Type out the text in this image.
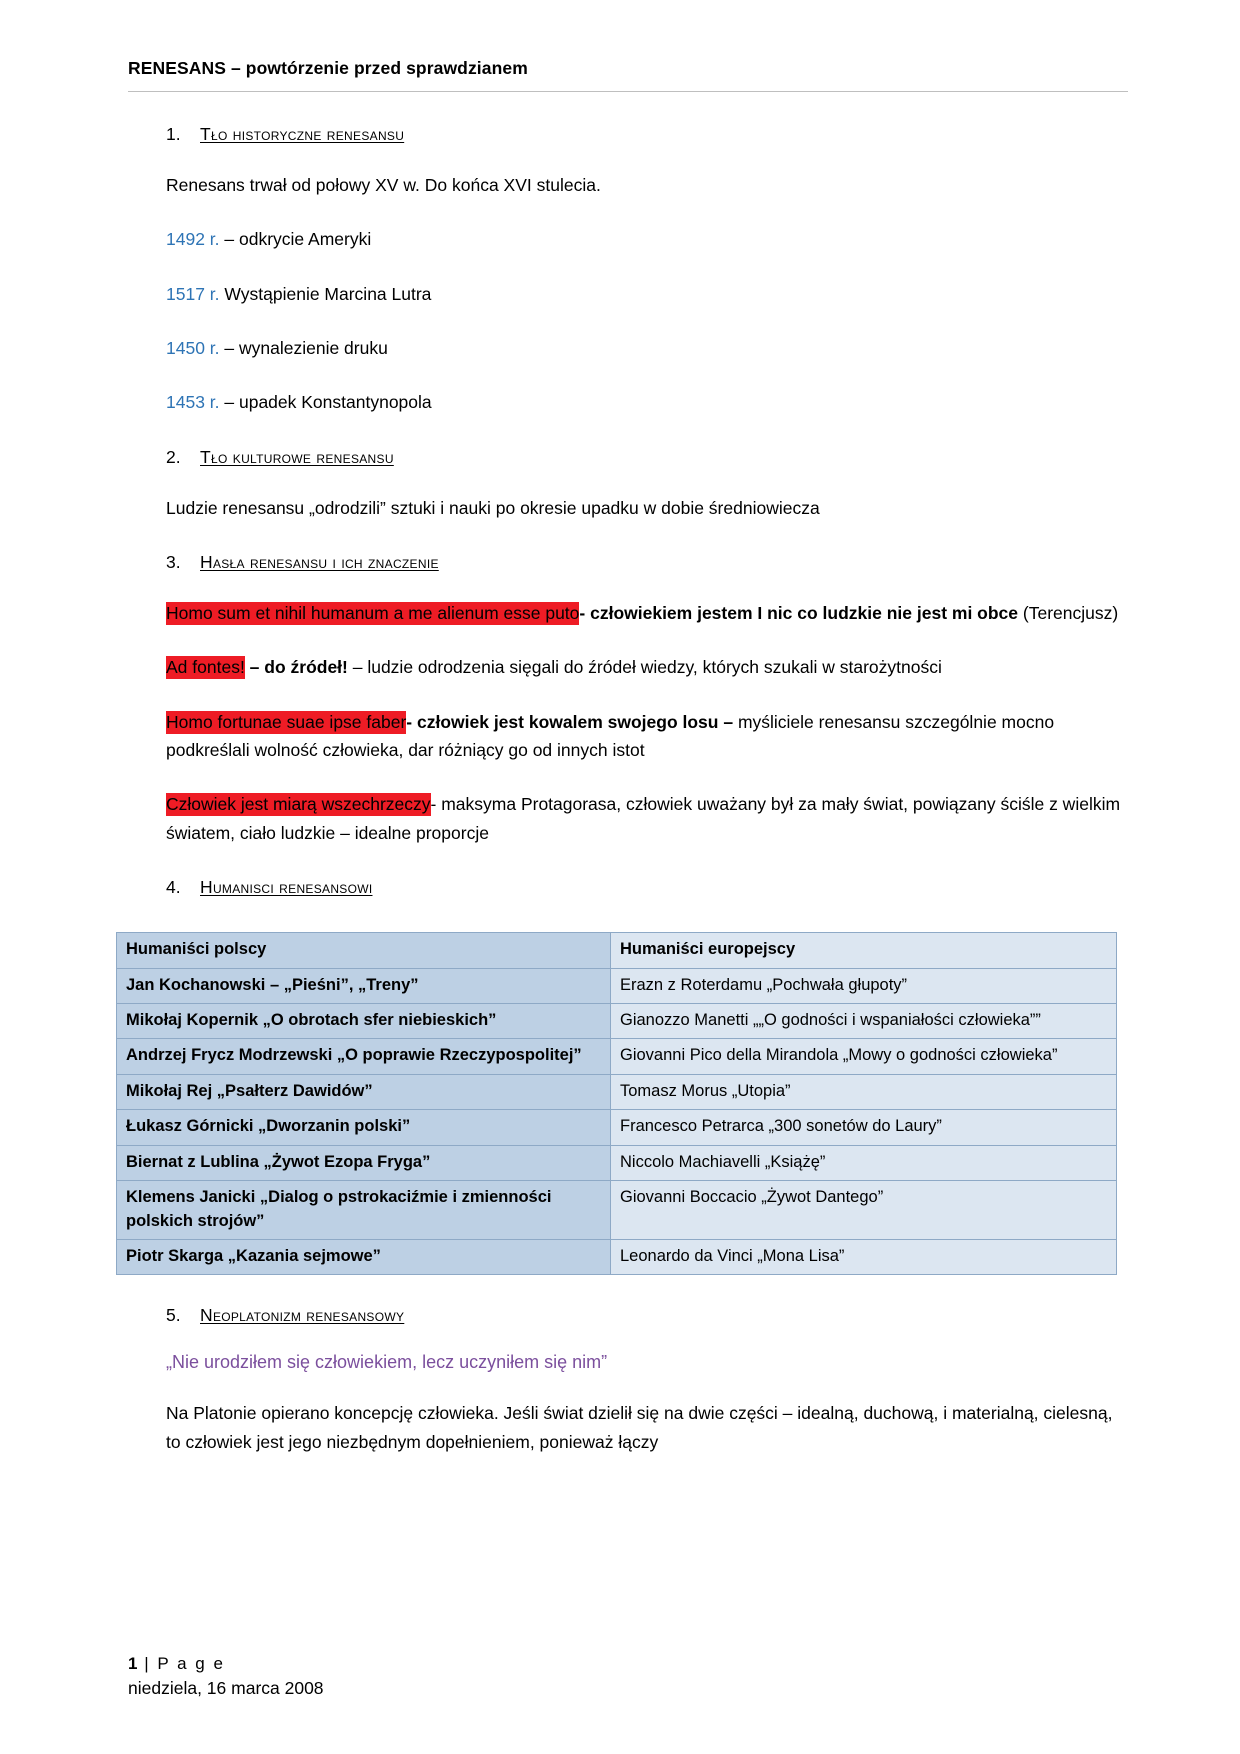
RENESANS – powtórzenie przed sprawdzianem
1.	Tło historyczne renesansu

Renesans trwał od połowy XV w. Do końca XVI stulecia.

1492 r. – odkrycie Ameryki

1517 r. Wystąpienie Marcina Lutra

1450 r. – wynalezienie druku

1453 r. – upadek Konstantynopola

2.	Tło kulturowe renesansu

Ludzie renesansu „odrodzili” sztuki i nauki po okresie upadku w dobie średniowiecza

3.	Hasła renesansu i ich znaczenie

Homo sum et nihil humanum a me alienum esse puto- człowiekiem jestem I nic co ludzkie nie jest mi obce (Terencjusz)

Ad fontes! – do źródeł! – ludzie odrodzenia sięgali do źródeł wiedzy, których szukali w starożytności

Homo fortunae suae ipse faber- człowiek jest kowalem swojego losu – myśliciele renesansu szczególnie mocno podkreślali wolność człowieka, dar różniący go od innych istot

Człowiek jest miarą wszechrzeczy- maksyma Protagorasa, człowiek uważany był za mały świat, powiązany ściśle z wielkim światem, ciało ludzkie – idealne proporcje

4.	Humanisci renesansowi
Humaniści polscy	Humaniści europejscy
Jan Kochanowski – „Pieśni”, „Treny”	Erazn z Roterdamu „Pochwała głupoty”
Mikołaj Kopernik „O obrotach sfer niebieskich”	Gianozzo Manetti „„O godności i wspaniałości człowieka””
Andrzej Frycz Modrzewski „O poprawie Rzeczypospolitej”	Giovanni Pico della Mirandola „Mowy o godności człowieka”
Mikołaj Rej „Psałterz Dawidów”	Tomasz Morus „Utopia”
Łukasz Górnicki „Dworzanin polski”	Francesco Petrarca „300 sonetów do Laury”
Biernat z Lublina „Żywot Ezopa Fryga”	Niccolo Machiavelli „Książę”
Klemens Janicki „Dialog o pstrokaciźmie i zmienności polskich strojów”	Giovanni Boccacio „Żywot Dantego”
Piotr Skarga „Kazania sejmowe”	Leonardo da Vinci „Mona Lisa”
5.	Neoplatonizm renesansowy

„Nie urodziłem się człowiekiem, lecz uczyniłem się nim”

Na Platonie opierano koncepcję człowieka. Jeśli świat dzielił się na dwie części – idealną, duchową, i materialną, cielesną, to człowiek jest jego niezbędnym dopełnieniem, ponieważ łączy

1 | P a g e
niedziela, 16 marca 2008
